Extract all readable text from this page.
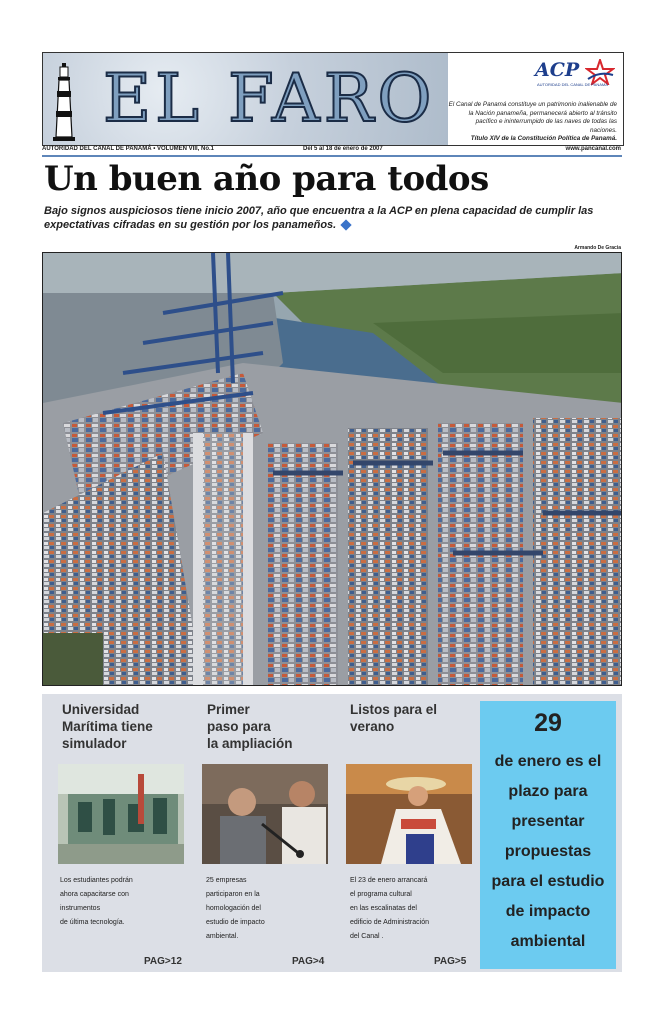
EL FARO	ACP
AUTORIDAD DEL CANAL DE PANAMÁ
El Canal de Panamá constituye un patrimonio inalienable de
la Nación panameña, permanecerá abierto al tránsito
pacífico e ininterrumpido de las naves de todas las naciones.
Título XIV de la Constitución Política de Panamá.
AUTORIDAD DEL CANAL DE PANAMÁ • VOLUMEN VIII, No.1	Del 5 al 18 de enero de 2007	www.pancanal.com
Un buen año para todos
Bajo signos auspiciosos tiene inicio 2007, año que encuentra a la ACP en plena capacidad de cumplir las expectativas cifradas en su gestión por los panameños.
Armando De Gracia
Universidad
Marítima tiene
simulador
Los estudiantes podrán
ahora capacitarse con
instrumentos
de última tecnología.
PAG>12
Primer
paso para
la ampliación
25 empresas
participaron en la
homologación del
estudio de impacto
ambiental.
PAG>4
Listos para el
verano
El 23 de enero arrancará
el programa cultural
en las escalinatas del
edificio de Administración
del Canal .
PAG>5
29
de enero es el
plazo para
presentar
propuestas
para el estudio
de impacto
ambiental
